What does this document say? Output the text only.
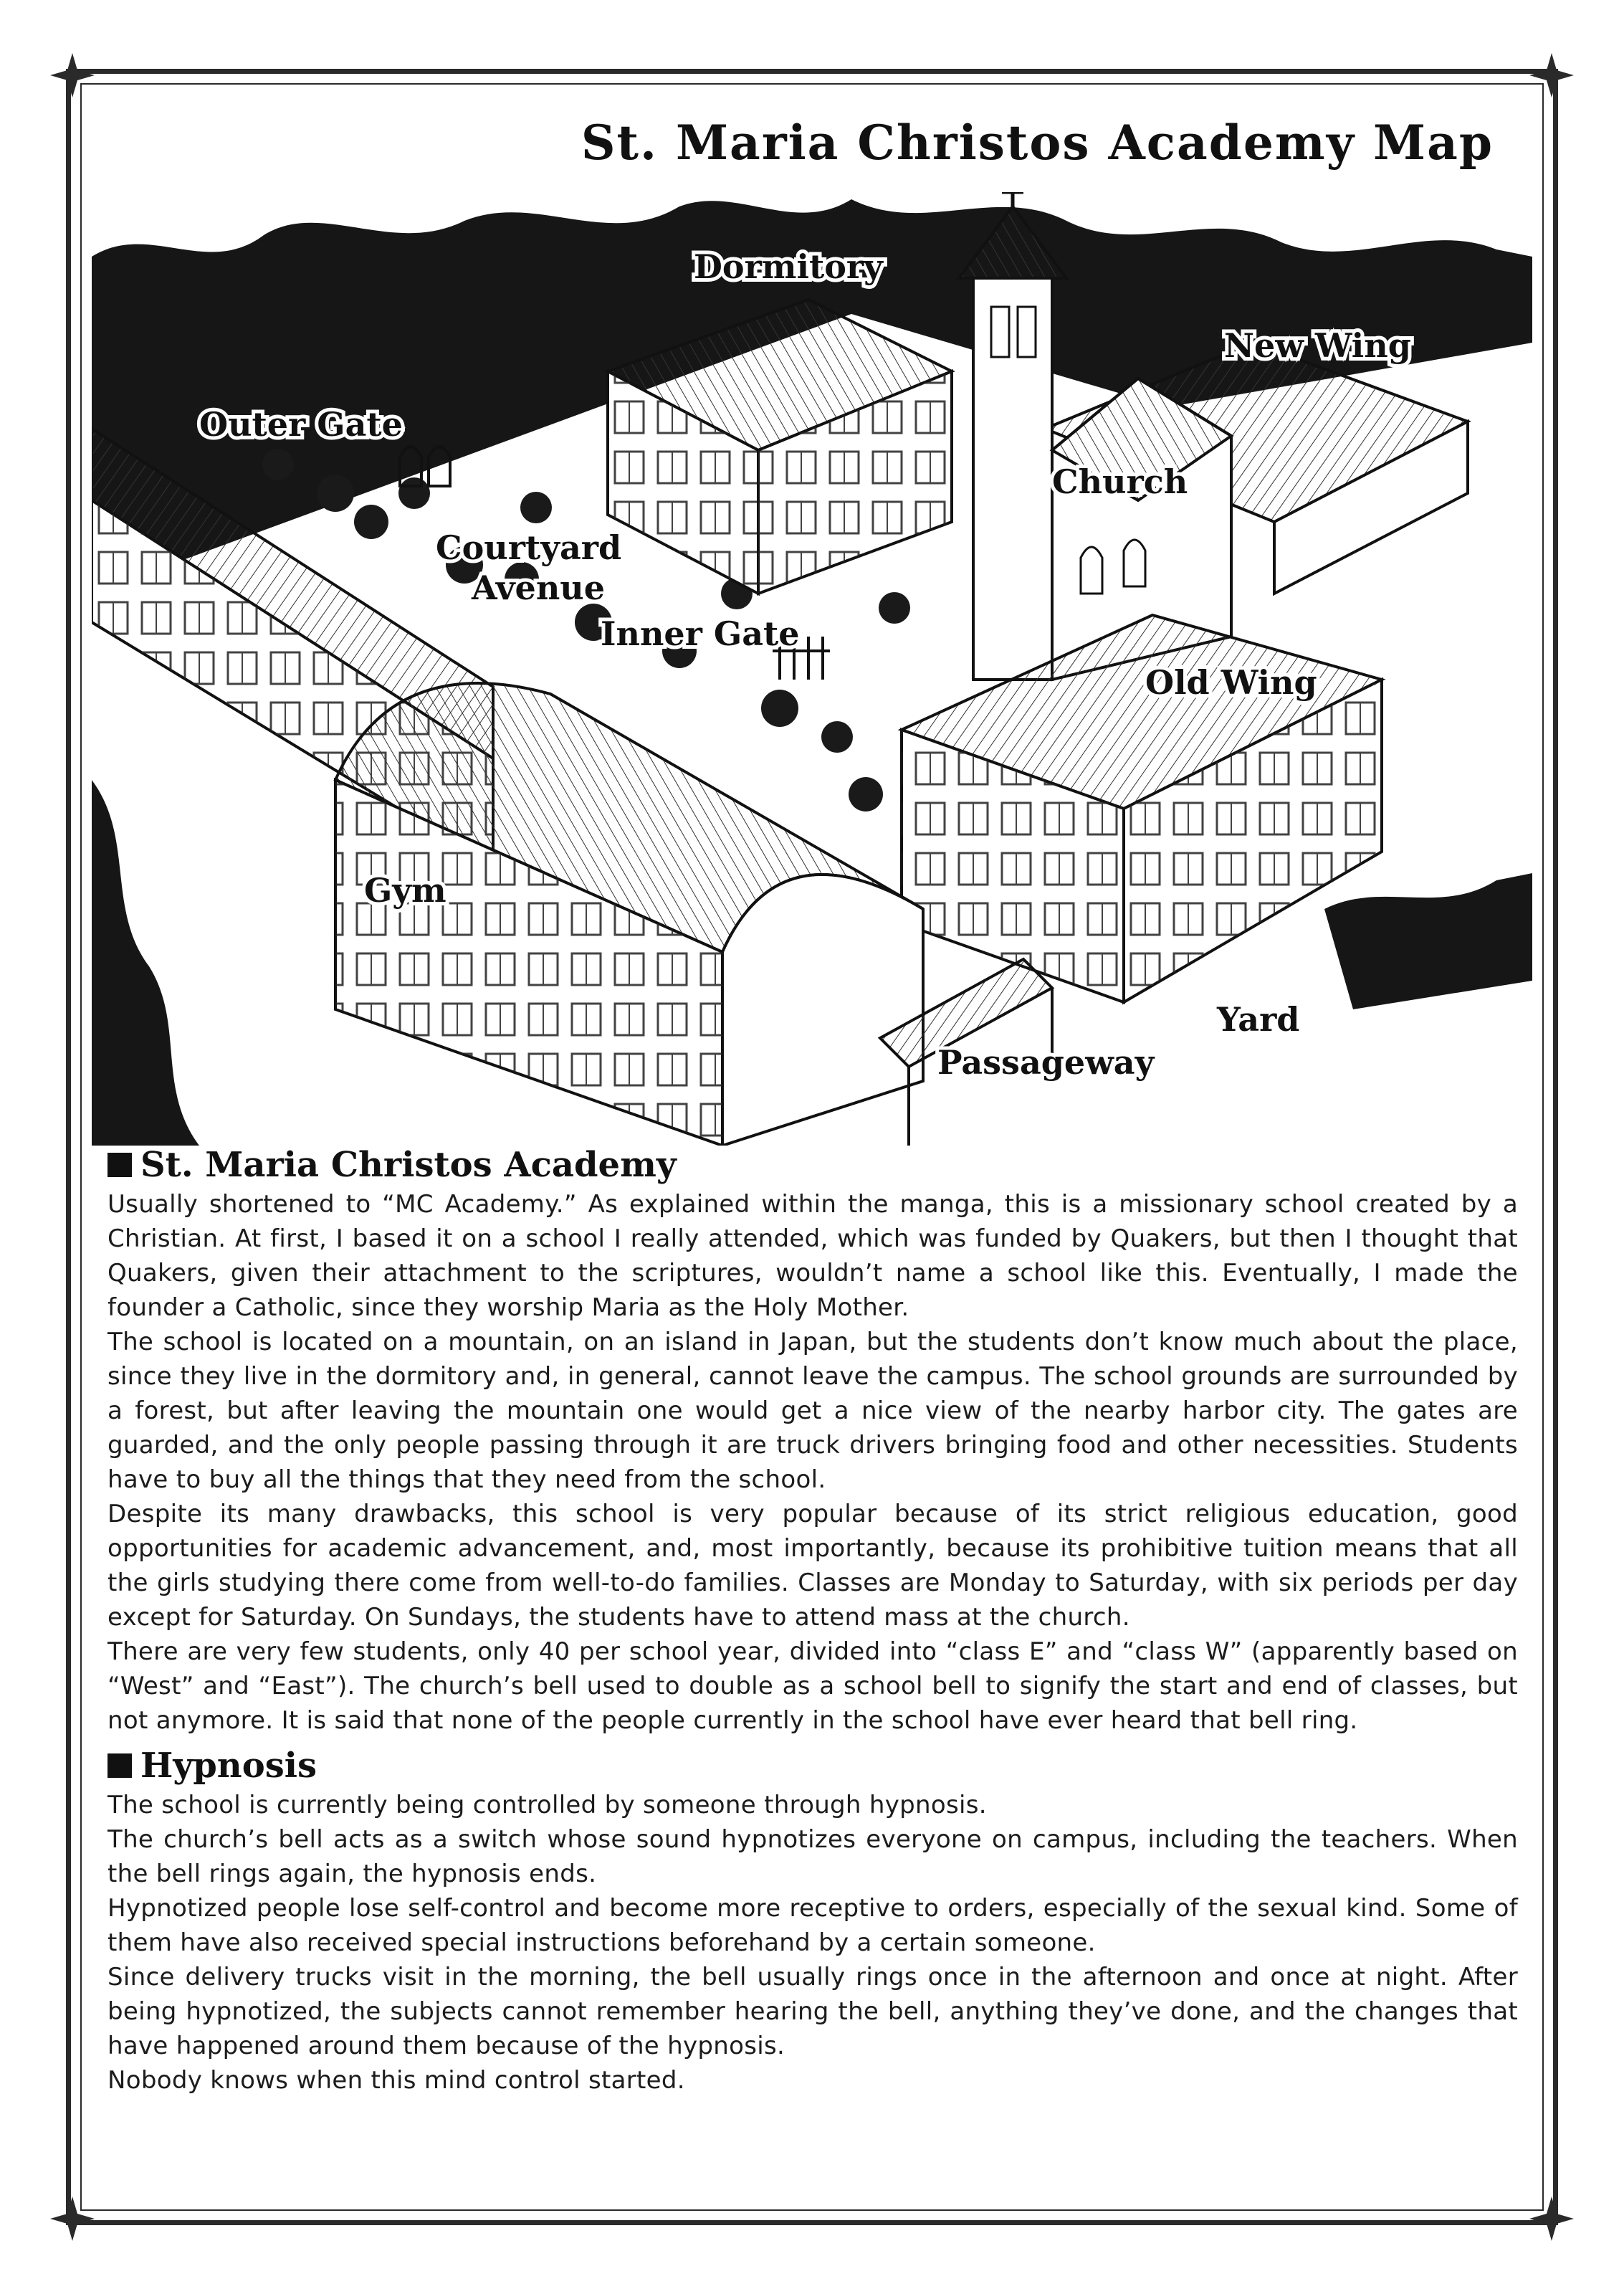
St. Maria Christos Academy Map
Dormitory
New Wing
Outer Gate
Church
Courtyard
Avenue
Inner Gate
Old Wing
Gym
Yard
Passageway
St. Maria Christos Academy

Usually shortened to “MC Academy.” As explained within the manga, this is a missionary school created by a Christian. At first, I based it on a school I really attended, which was funded by Quakers, but then I thought that Quakers, given their attachment to the scriptures, wouldn’t name a school like this. Eventually, I made the founder a Catholic, since they worship Maria as the Holy Mother.

The school is located on a mountain, on an island in Japan, but the students don’t know much about the place, since they live in the dormitory and, in general, cannot leave the campus. The school grounds are surrounded by a forest, but after leaving the mountain one would get a nice view of the nearby harbor city. The gates are guarded, and the only people passing through it are truck drivers bringing food and other necessities. Students have to buy all the things that they need from the school.

Despite its many drawbacks, this school is very popular because of its strict religious education, good opportunities for academic advancement, and, most importantly, because its prohibitive tuition means that all the girls studying there come from well-to-do families. Classes are Monday to Saturday, with six periods per day except for Saturday. On Sundays, the students have to attend mass at the church.

There are very few students, only 40 per school year, divided into “class E” and “class W” (apparently based on “West” and “East”). The church’s bell used to double as a school bell to signify the start and end of classes, but not anymore. It is said that none of the people currently in the school have ever heard that bell ring.

Hypnosis

The school is currently being controlled by someone through hypnosis.

The church’s bell acts as a switch whose sound hypnotizes everyone on campus, including the teachers. When the bell rings again, the hypnosis ends.

Hypnotized people lose self-control and become more receptive to orders, especially of the sexual kind. Some of them have also received special instructions beforehand by a certain someone.

Since delivery trucks visit in the morning, the bell usually rings once in the afternoon and once at night. After being hypnotized, the subjects cannot remember hearing the bell, anything they’ve done, and the changes that have happened around them because of the hypnosis.

Nobody knows when this mind control started.
